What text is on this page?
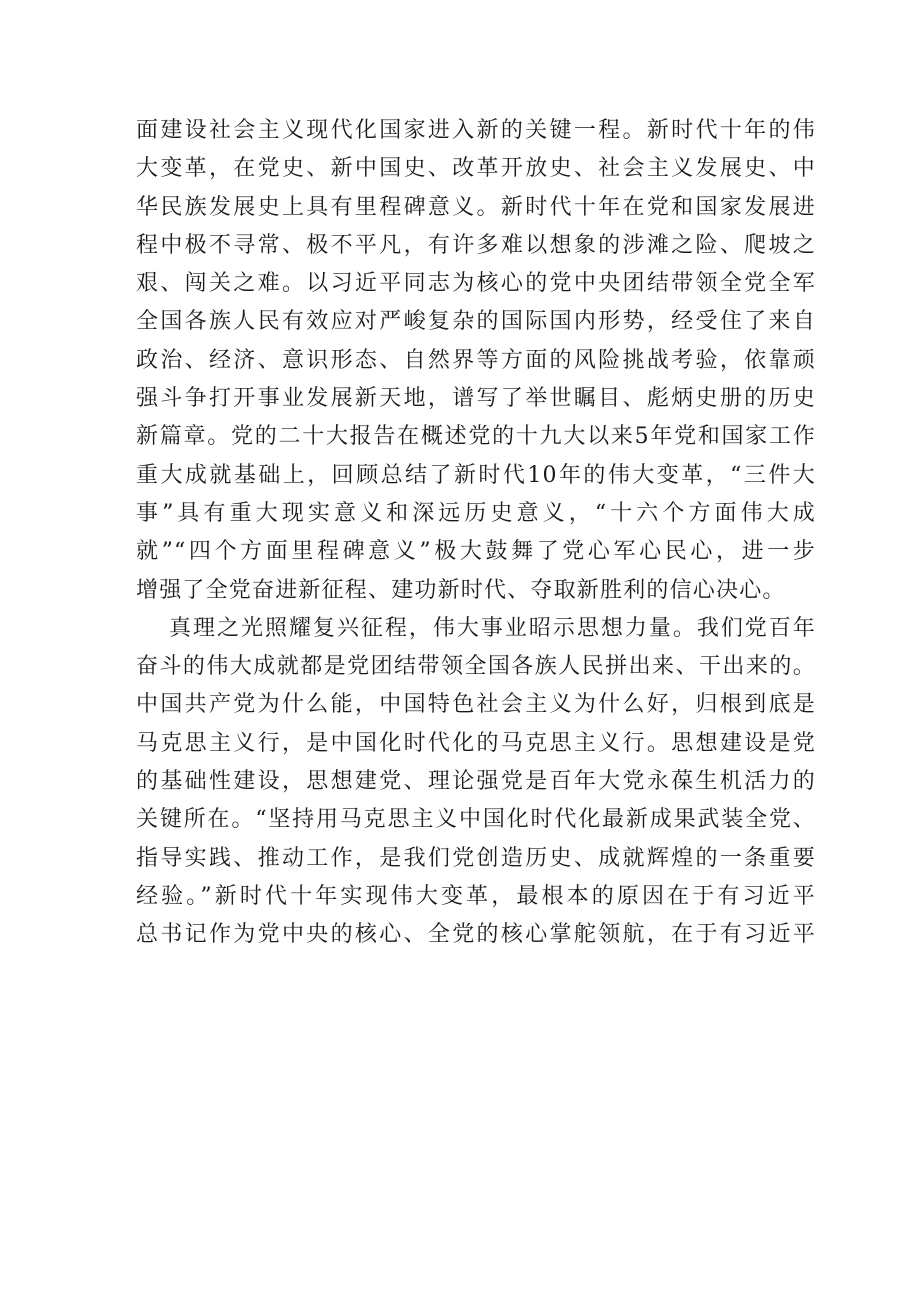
面建设社会主义现代化国家进入新的关键一程。新时代十年的伟
大变革，在党史、新中国史、改革开放史、社会主义发展史、中
华民族发展史上具有里程碑意义。新时代十年在党和国家发展进
程中极不寻常、极不平凡，有许多难以想象的涉滩之险、爬坡之
艰、闯关之难。以习近平同志为核心的党中央团结带领全党全军
全国各族人民有效应对严峻复杂的国际国内形势，经受住了来自
政治、经济、意识形态、自然界等方面的风险挑战考验，依靠顽
强斗争打开事业发展新天地，谱写了举世瞩目、彪炳史册的历史
新篇章。党的二十大报告在概述党的十九大以来5年党和国家工作
重大成就基础上，回顾总结了新时代10年的伟大变革，“三件大
事”具有重大现实意义和深远历史意义，“十六个方面伟大成
就”“四个方面里程碑意义”极大鼓舞了党心军心民心，进一步
增强了全党奋进新征程、建功新时代、夺取新胜利的信心决心。
真理之光照耀复兴征程，伟大事业昭示思想力量。我们党百年
奋斗的伟大成就都是党团结带领全国各族人民拼出来、干出来的。
中国共产党为什么能，中国特色社会主义为什么好，归根到底是
马克思主义行，是中国化时代化的马克思主义行。思想建设是党
的基础性建设，思想建党、理论强党是百年大党永葆生机活力的
关键所在。“坚持用马克思主义中国化时代化最新成果武装全党、
指导实践、推动工作，是我们党创造历史、成就辉煌的一条重要
经验。”新时代十年实现伟大变革，最根本的原因在于有习近平
总书记作为党中央的核心、全党的核心掌舵领航，在于有习近平
